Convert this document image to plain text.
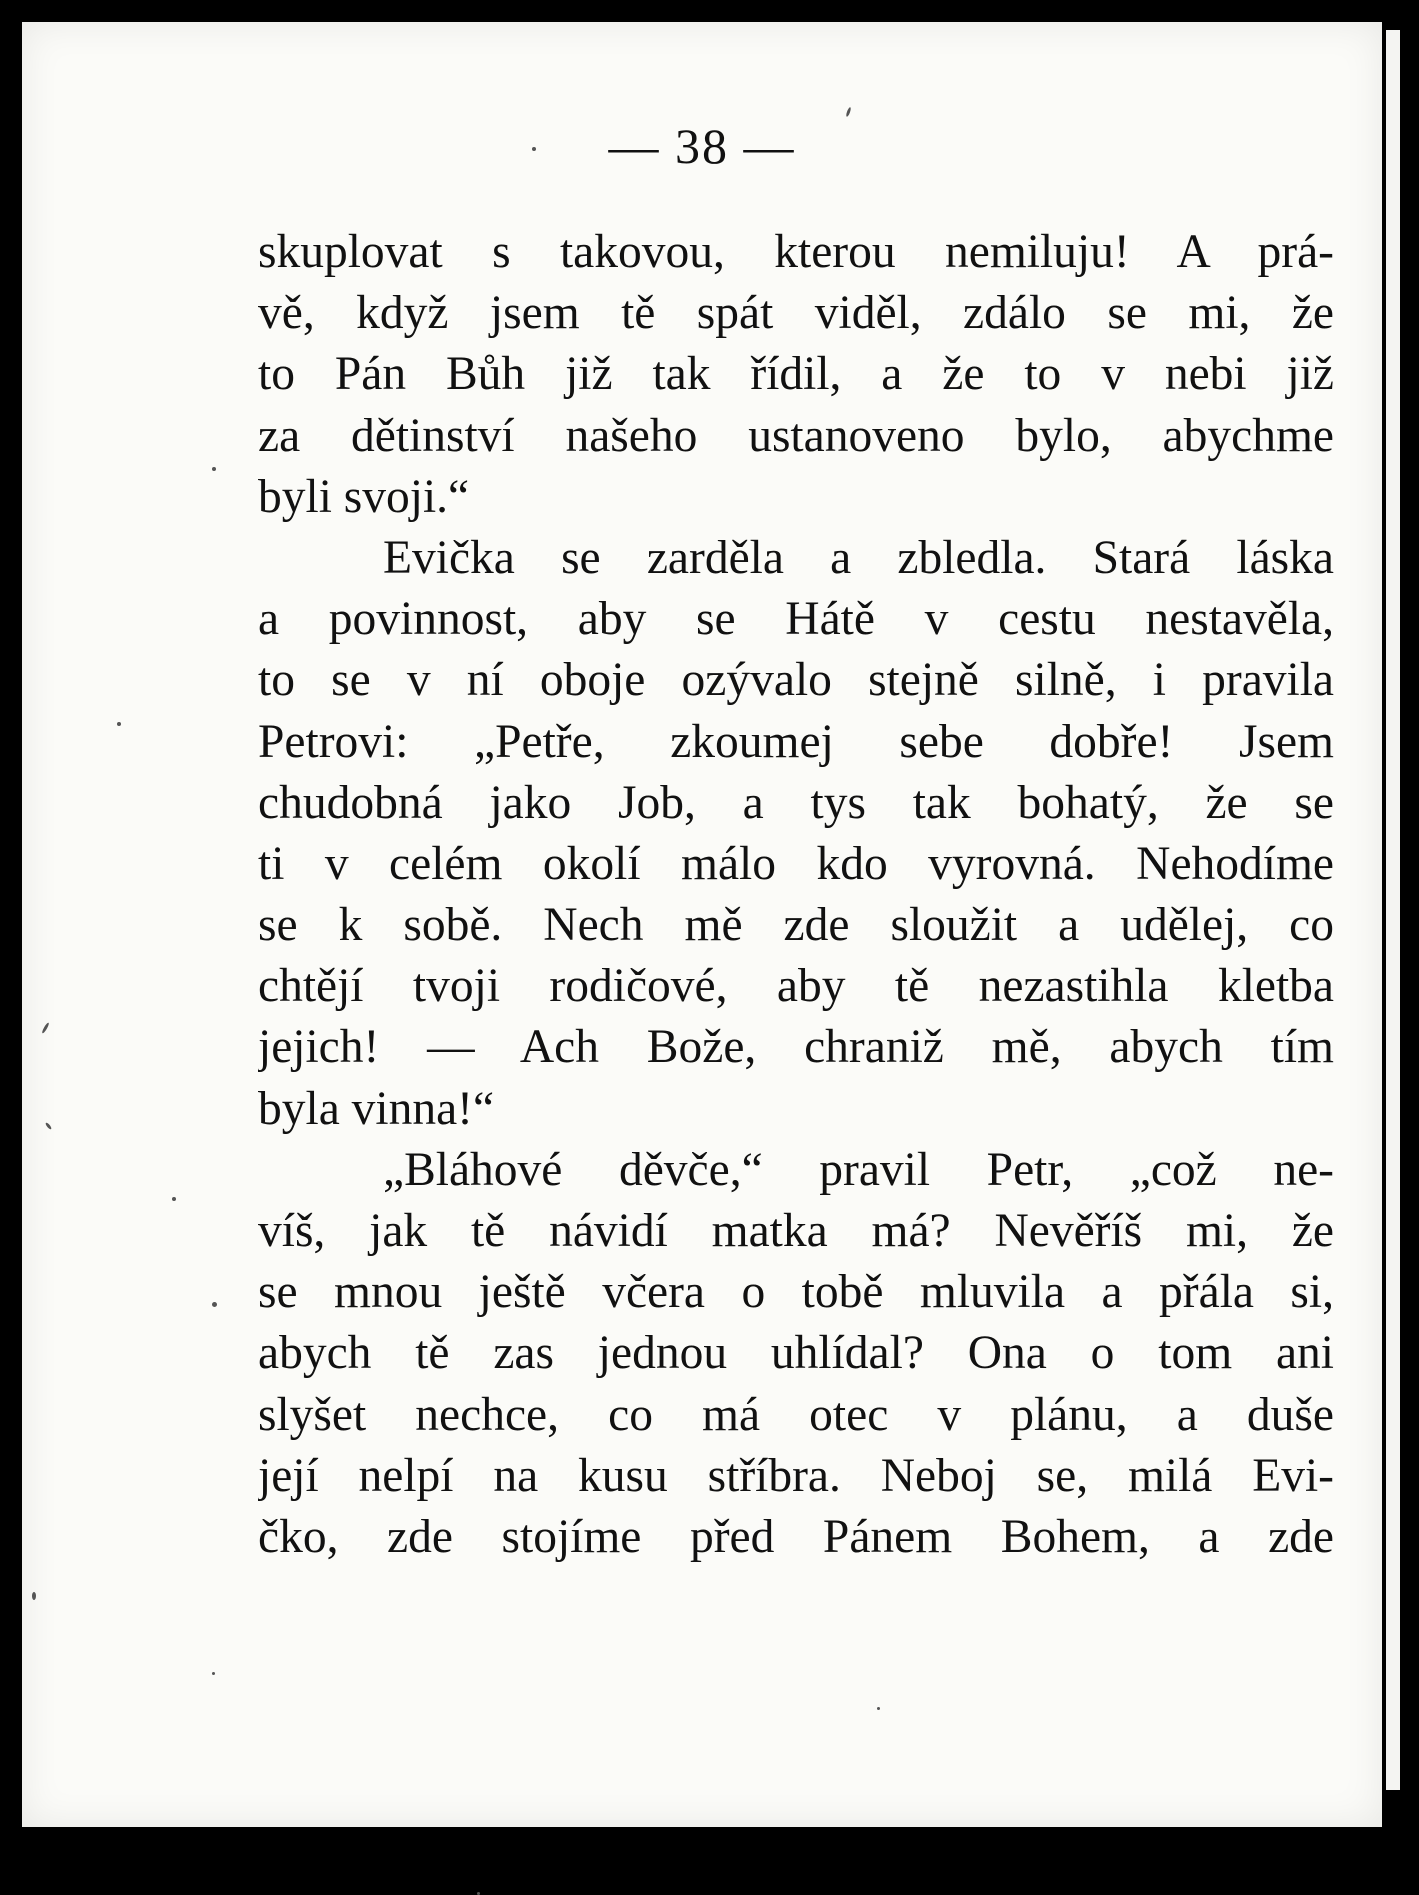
— 38 —
skuplovat s takovou, kterou nemiluju! A prá-
vě, když jsem tě spát viděl, zdálo se mi, že
to Pán Bůh již tak řídil, a že to v nebi již
za dětinství našeho ustanoveno bylo, abychme
byli svoji.“
Evička se zarděla a zbledla. Stará láska
a povinnost, aby se Hátě v cestu nestavěla,
to se v ní oboje ozývalo stejně silně, i pravila
Petrovi: „Petře, zkoumej sebe dobře! Jsem
chudobná jako Job, a tys tak bohatý, že se
ti v celém okolí málo kdo vyrovná. Nehodíme
se k sobě. Nech mě zde sloužit a udělej, co
chtějí tvoji rodičové, aby tě nezastihla kletba
jejich! — Ach Bože, chraniž mě, abych tím
byla vinna!“
„Bláhové děvče,“ pravil Petr, „což ne-
víš, jak tě návidí matka má? Nevěříš mi, že
se mnou ještě včera o tobě mluvila a přála si,
abych tě zas jednou uhlídal? Ona o tom ani
slyšet nechce, co má otec v plánu, a duše
její nelpí na kusu stříbra. Neboj se, milá Evi-
čko, zde stojíme před Pánem Bohem, a zde
